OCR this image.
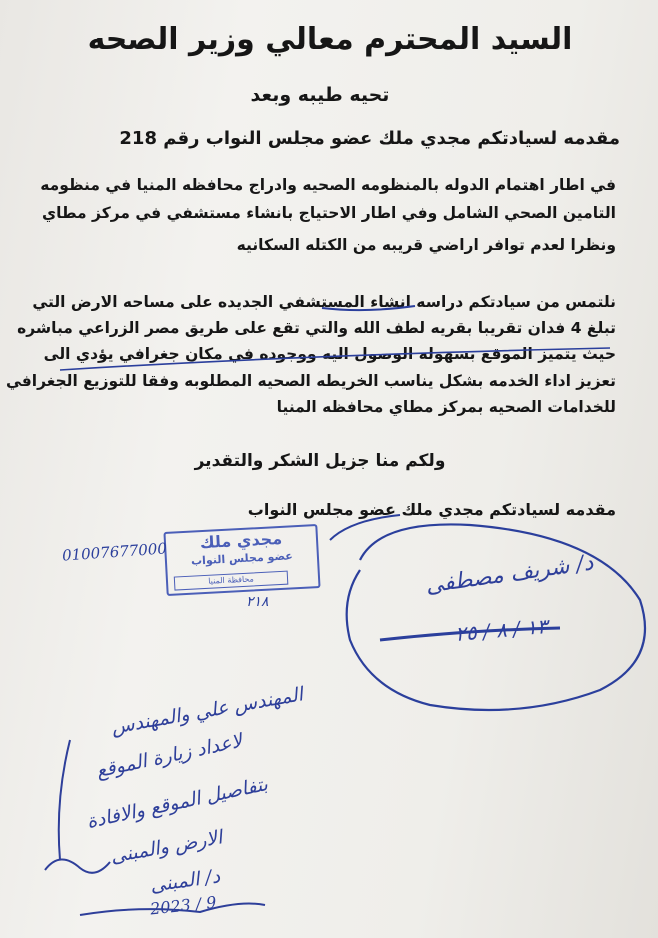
السيد المحترم معالي وزير الصحه
تحيه طيبه وبعد
مقدمه لسيادتكم مجدي ملك عضو مجلس النواب رقم 218
في اطار اهتمام الدوله بالمنظومه الصحيه وادراج محافظه المنيا في منظومه
التامين الصحي الشامل وفي اطار الاحتياج بانشاء مستشفي في مركز مطاي
ونظرا لعدم توافر اراضي قريبه من الكتله السكانيه
نلتمس من سيادتكم دراسه انشاء المستشفي الجديده على مساحه الارض التي
تبلغ 4 فدان تقريبا بقريه لطف الله والتي تقع على طريق مصر الزراعي مباشره
حيث يتميز الموقع بسهوله الوصول اليه ووجوده في مكان جغرافي يؤدي الى
تعزيز اداء الخدمه بشكل يناسب الخريطه الصحيه المطلوبه وفقا للتوزيع الجغرافي
للخدامات الصحيه بمركز مطاي محافظه المنيا
ولكم منا جزيل الشكر والتقدير
مقدمه لسيادتكم مجدي ملك عضو مجلس النواب
مجدي ملك
عضو مجلس النواب
محافظة المنيا
01007677000
٢١٨
د/ شريف مصطفى
١٣ / ٨ / ٢٥
المهندس علي والمهندس
لاعداد زيارة الموقع
بتفاصيل الموقع والافادة
الارض والمبنى
د/ المبنى
2023 / 9
